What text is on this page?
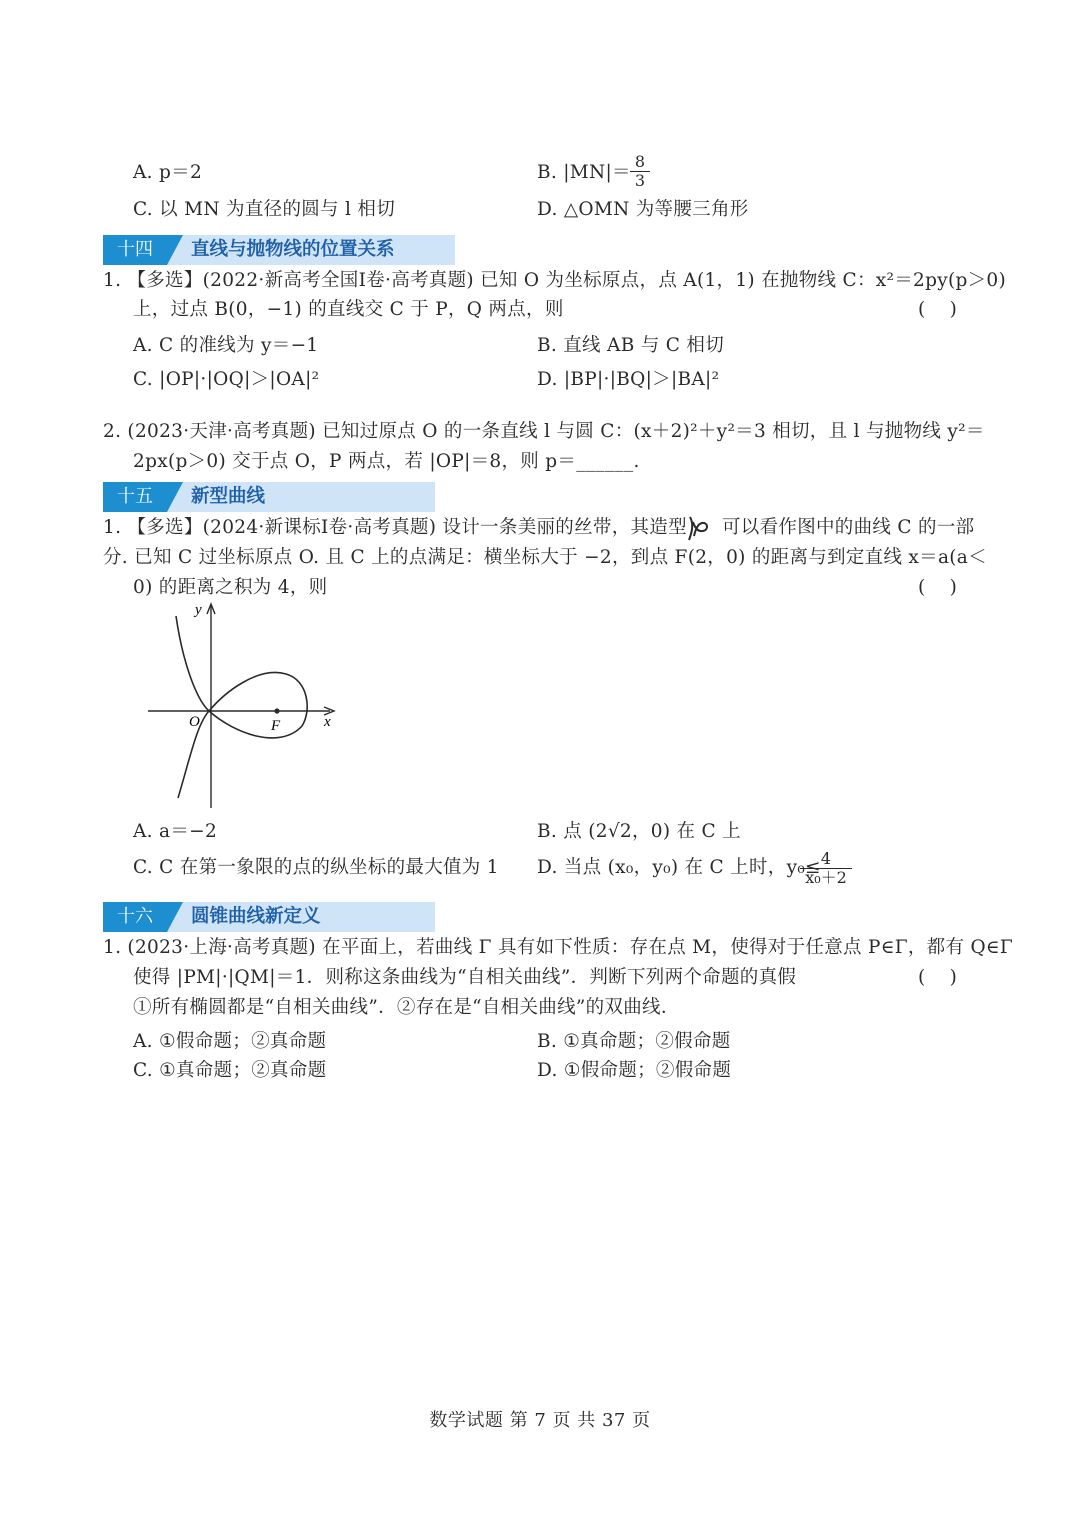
A. p＝2	B. $|MN|= \frac{8}{3}$
C. 以 MN 为直径的圆与 l 相切	D. △OMN 为等腰三角形
十四	直线与抛物线的位置关系
1. 【多选】(2022·新高考全国Ⅰ卷·高考真题) 已知 O 为坐标原点，点 A(1，1) 在抛物线 C：x²＝2py(p＞0)
上，过点 B(0，−1) 的直线交 C 于 P，Q 两点，则	(　 )
A. C 的准线为 y＝−1	B. 直线 AB 与 C 相切
C. |OP|·|OQ|＞|OA|²	D. |BP|·|BQ|＞|BA|²
2. (2023·天津·高考真题) 已知过原点 O 的一条直线 l 与圆 C：(x＋2)²＋y²＝3 相切，且 l 与抛物线 y²＝
2px(p＞0) 交于点 O，P 两点，若 |OP|＝8，则 p＝______.
十五	新型曲线
1. 【多选】(2024·新课标Ⅰ卷·高考真题) 设计一条美丽的丝带，其造型 可以看作图中的曲线 C 的一部
分. 已知 C 过坐标原点 O. 且 C 上的点满足：横坐标大于 −2，到点 F(2，0) 的距离与到定直线 x＝a(a＜
0) 的距离之积为 4，则	(　 )
y
x
O	F
A. a＝−2	B. 点 (2√2，0) 在 C 上
C. C 在第一象限的点的纵坐标的最大值为 1 D. 当点 (x₀，y₀) 在 C 上时，y₀≤
$\frac{4}{\text{x₀＋2}}$
十六	圆锥曲线新定义
1. (2023·上海·高考真题) 在平面上，若曲线 Γ 具有如下性质：存在点 M，使得对于任意点 P∈Γ，都有 Q∈Γ
使得 |PM|·|QM|＝1．则称这条曲线为“自相关曲线”．判断下列两个命题的真假	(　 )
①所有椭圆都是“自相关曲线”．②存在是“自相关曲线”的双曲线．
A. ①假命题；②真命题	B. ①真命题；②假命题
C. ①真命题；②真命题	D. ①假命题；②假命题
数学试题 第 7 页 共 37 页
